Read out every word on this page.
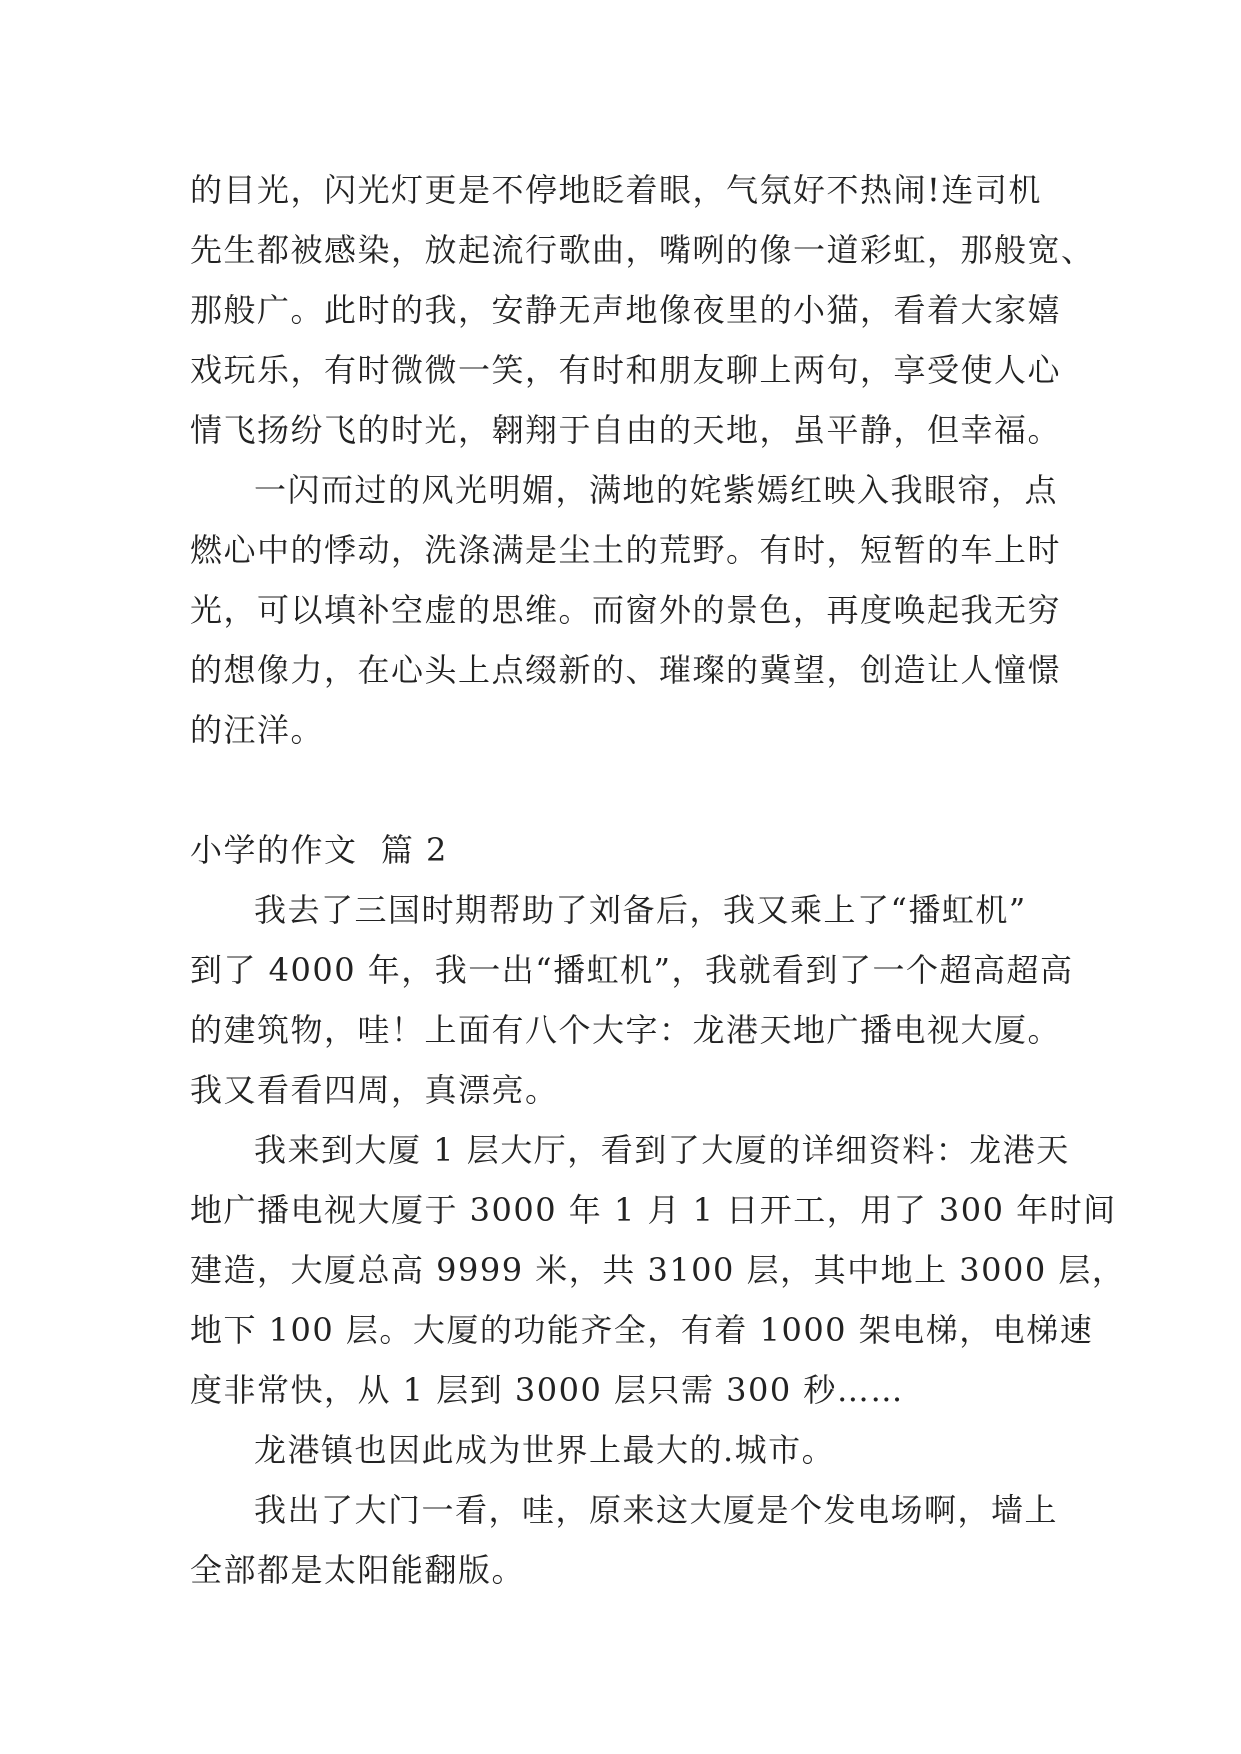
的目光，闪光灯更是不停地眨着眼，气氛好不热闹!连司机
先生都被感染，放起流行歌曲，嘴咧的像一道彩虹，那般宽、
那般广。此时的我，安静无声地像夜里的小猫，看着大家嬉
戏玩乐，有时微微一笑，有时和朋友聊上两句，享受使人心
情飞扬纷飞的时光，翱翔于自由的天地，虽平静，但幸福。
一闪而过的风光明媚，满地的姹紫嫣红映入我眼帘，点
燃心中的悸动，洗涤满是尘土的荒野。有时，短暂的车上时
光，可以填补空虚的思维。而窗外的景色，再度唤起我无穷
的想像力，在心头上点缀新的、璀璨的冀望，创造让人憧憬
的汪洋。
小学的作文  篇 2
我去了三国时期帮助了刘备后，我又乘上了“播虹机”
到了 4000 年，我一出“播虹机”，我就看到了一个超高超高
的建筑物，哇！上面有八个大字：龙港天地广播电视大厦。
我又看看四周，真漂亮。
我来到大厦 1 层大厅，看到了大厦的详细资料：龙港天
地广播电视大厦于 3000 年 1 月 1 日开工，用了 300 年时间
建造，大厦总高 9999 米，共 3100 层，其中地上 3000 层，
地下 100 层。大厦的功能齐全，有着 1000 架电梯，电梯速
度非常快，从 1 层到 3000 层只需 300 秒……
龙港镇也因此成为世界上最大的.城市。
我出了大门一看，哇，原来这大厦是个发电场啊，墙上
全部都是太阳能翻版。
